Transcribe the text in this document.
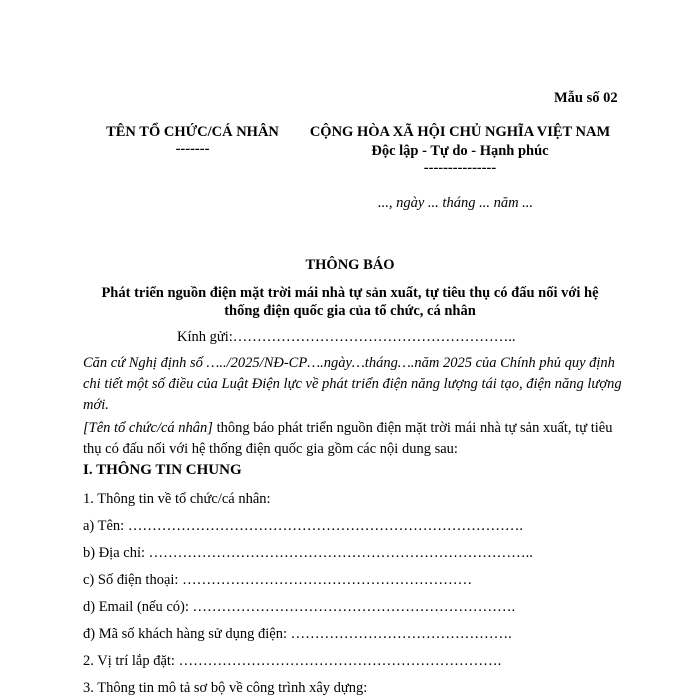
Mẫu số 02
TÊN TỔ CHỨC/CÁ NHÂN
-------
CỘNG HÒA XÃ HỘI CHỦ NGHĨA VIỆT NAM
Độc lập - Tự do - Hạnh phúc
---------------
..., ngày ... tháng ... năm ...
THÔNG BÁO
Phát triển nguồn điện mặt trời mái nhà tự sản xuất, tự tiêu thụ có đấu nối với hệ
thống điện quốc gia của tổ chức, cá nhân
Kính gửi:…………………………………………………..
Căn cứ Nghị định số …../2025/NĐ-CP….ngày…tháng….năm 2025 của Chính phủ quy định chi tiết một số điều của Luật Điện lực về phát triển điện năng lượng tái tạo, điện năng lượng mới.
[Tên tổ chức/cá nhân] thông báo phát triển nguồn điện mặt trời mái nhà tự sản xuất, tự tiêu thụ có đấu nối với hệ thống điện quốc gia gồm các nội dung sau:
I. THÔNG TIN CHUNG
1. Thông tin về tổ chức/cá nhân:
a) Tên: ……………………………………………………………………….
b) Địa chỉ: ……………………………………………………………………..
c) Số điện thoại: ……………………………………………………
d) Email (nếu có): ………………………………………………………….
đ) Mã số khách hàng sử dụng điện: ……………………………………….
2. Vị trí lắp đặt: ………………………………………………………….
3. Thông tin mô tả sơ bộ về công trình xây dựng:
